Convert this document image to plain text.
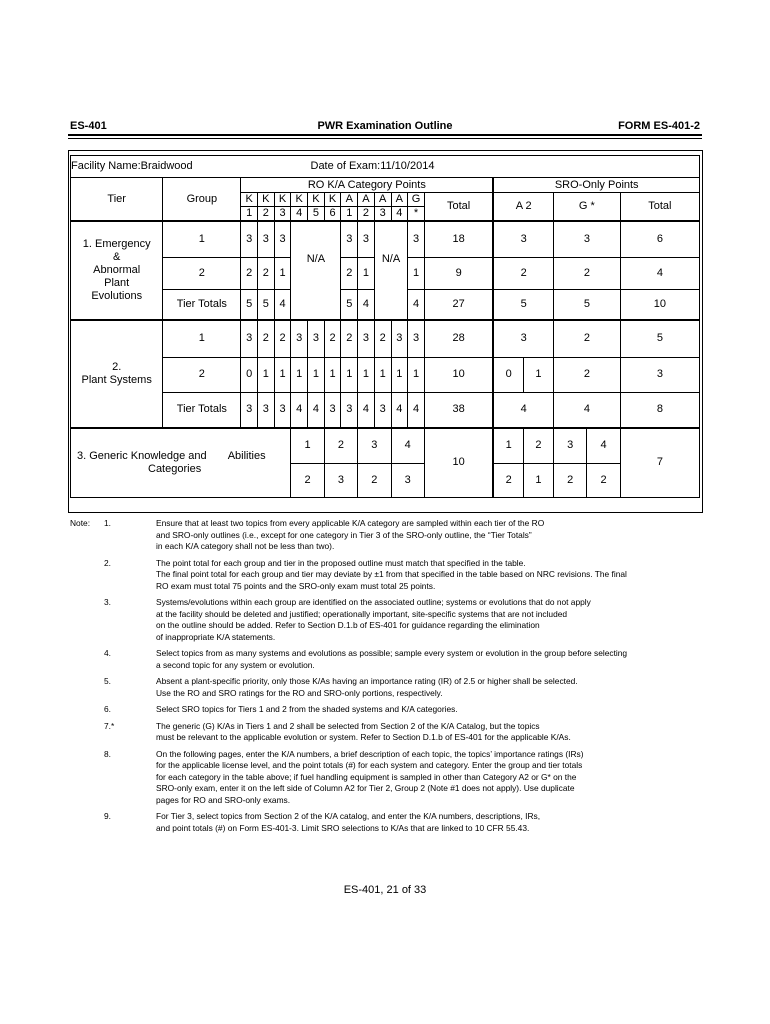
ES-401	PWR Examination Outline	FORM ES-401-2
Facility Name:Braidwood Date of Exam:11/10/2014																		

Tier	Group	RO K/A Category Points												SRO-Only Points				
		K	K	K	K	K	K	A	A	A	A	G	Total	A 2		G *		Total
		1	2	3	4	5	6	1	2	3	4	*						

1. Emergency
&
Abnormal
Plant
Evolutions	1	3	3	3	N/A			3	3	N/A		3	18	3		3		6
	2	2	2	1				2	1			1	9	2		2		4
	Tier Totals	5	5	4				5	4			4	27	5		5		10

2.
Plant Systems	1	3	2	2	3	3	2	2	3	2	3	3	28	3		2		5
	2	0	1	1	1	1	1	1	1	1	1	1	10	0	1	2		3
	Tier Totals	3	3	3	4	4	3	3	4	3	4	4	38	4		4		8

3. Generic Knowledge and Abilities
Categories					1		2		3		4		10	1	2	3	4	7
					2		3		2		3			2	1	2	2	
Note: 1.	Ensure that at least two topics from every applicable K/A category are sampled within each tier of the RO
and SRO-only outlines (i.e., except for one category in Tier 3 of the SRO-only outline, the “Tier Totals”
in each K/A category shall not be less than two).
2.	The point total for each group and tier in the proposed outline must match that specified in the table.
The final point total for each group and tier may deviate by ±1 from that specified in the table based on NRC revisions. The final
RO exam must total 75 points and the SRO-only exam must total 25 points.
3.	Systems/evolutions within each group are identified on the associated outline; systems or evolutions that do not apply
at the facility should be deleted and justified; operationally important, site-specific systems that are not included
on the outline should be added. Refer to Section D.1.b of ES-401 for guidance regarding the elimination
of inappropriate K/A statements.
4.	Select topics from as many systems and evolutions as possible; sample every system or evolution in the group before selecting
a second topic for any system or evolution.
5.	Absent a plant-specific priority, only those K/As having an importance rating (IR) of 2.5 or higher shall be selected.
Use the RO and SRO ratings for the RO and SRO-only portions, respectively.
6.	Select SRO topics for Tiers 1 and 2 from the shaded systems and K/A categories.
7.*	The generic (G) K/As in Tiers 1 and 2 shall be selected from Section 2 of the K/A Catalog, but the topics
must be relevant to the applicable evolution or system. Refer to Section D.1.b of ES-401 for the applicable K/As.
8.	On the following pages, enter the K/A numbers, a brief description of each topic, the topics’ importance ratings (IRs)
for the applicable license level, and the point totals (#) for each system and category. Enter the group and tier totals
for each category in the table above; if fuel handling equipment is sampled in other than Category A2 or G* on the
SRO-only exam, enter it on the left side of Column A2 for Tier 2, Group 2 (Note #1 does not apply). Use duplicate
pages for RO and SRO-only exams.
9.	For Tier 3, select topics from Section 2 of the K/A catalog, and enter the K/A numbers, descriptions, IRs,
and point totals (#) on Form ES-401-3. Limit SRO selections to K/As that are linked to 10 CFR 55.43.
ES-401, 21 of 33
